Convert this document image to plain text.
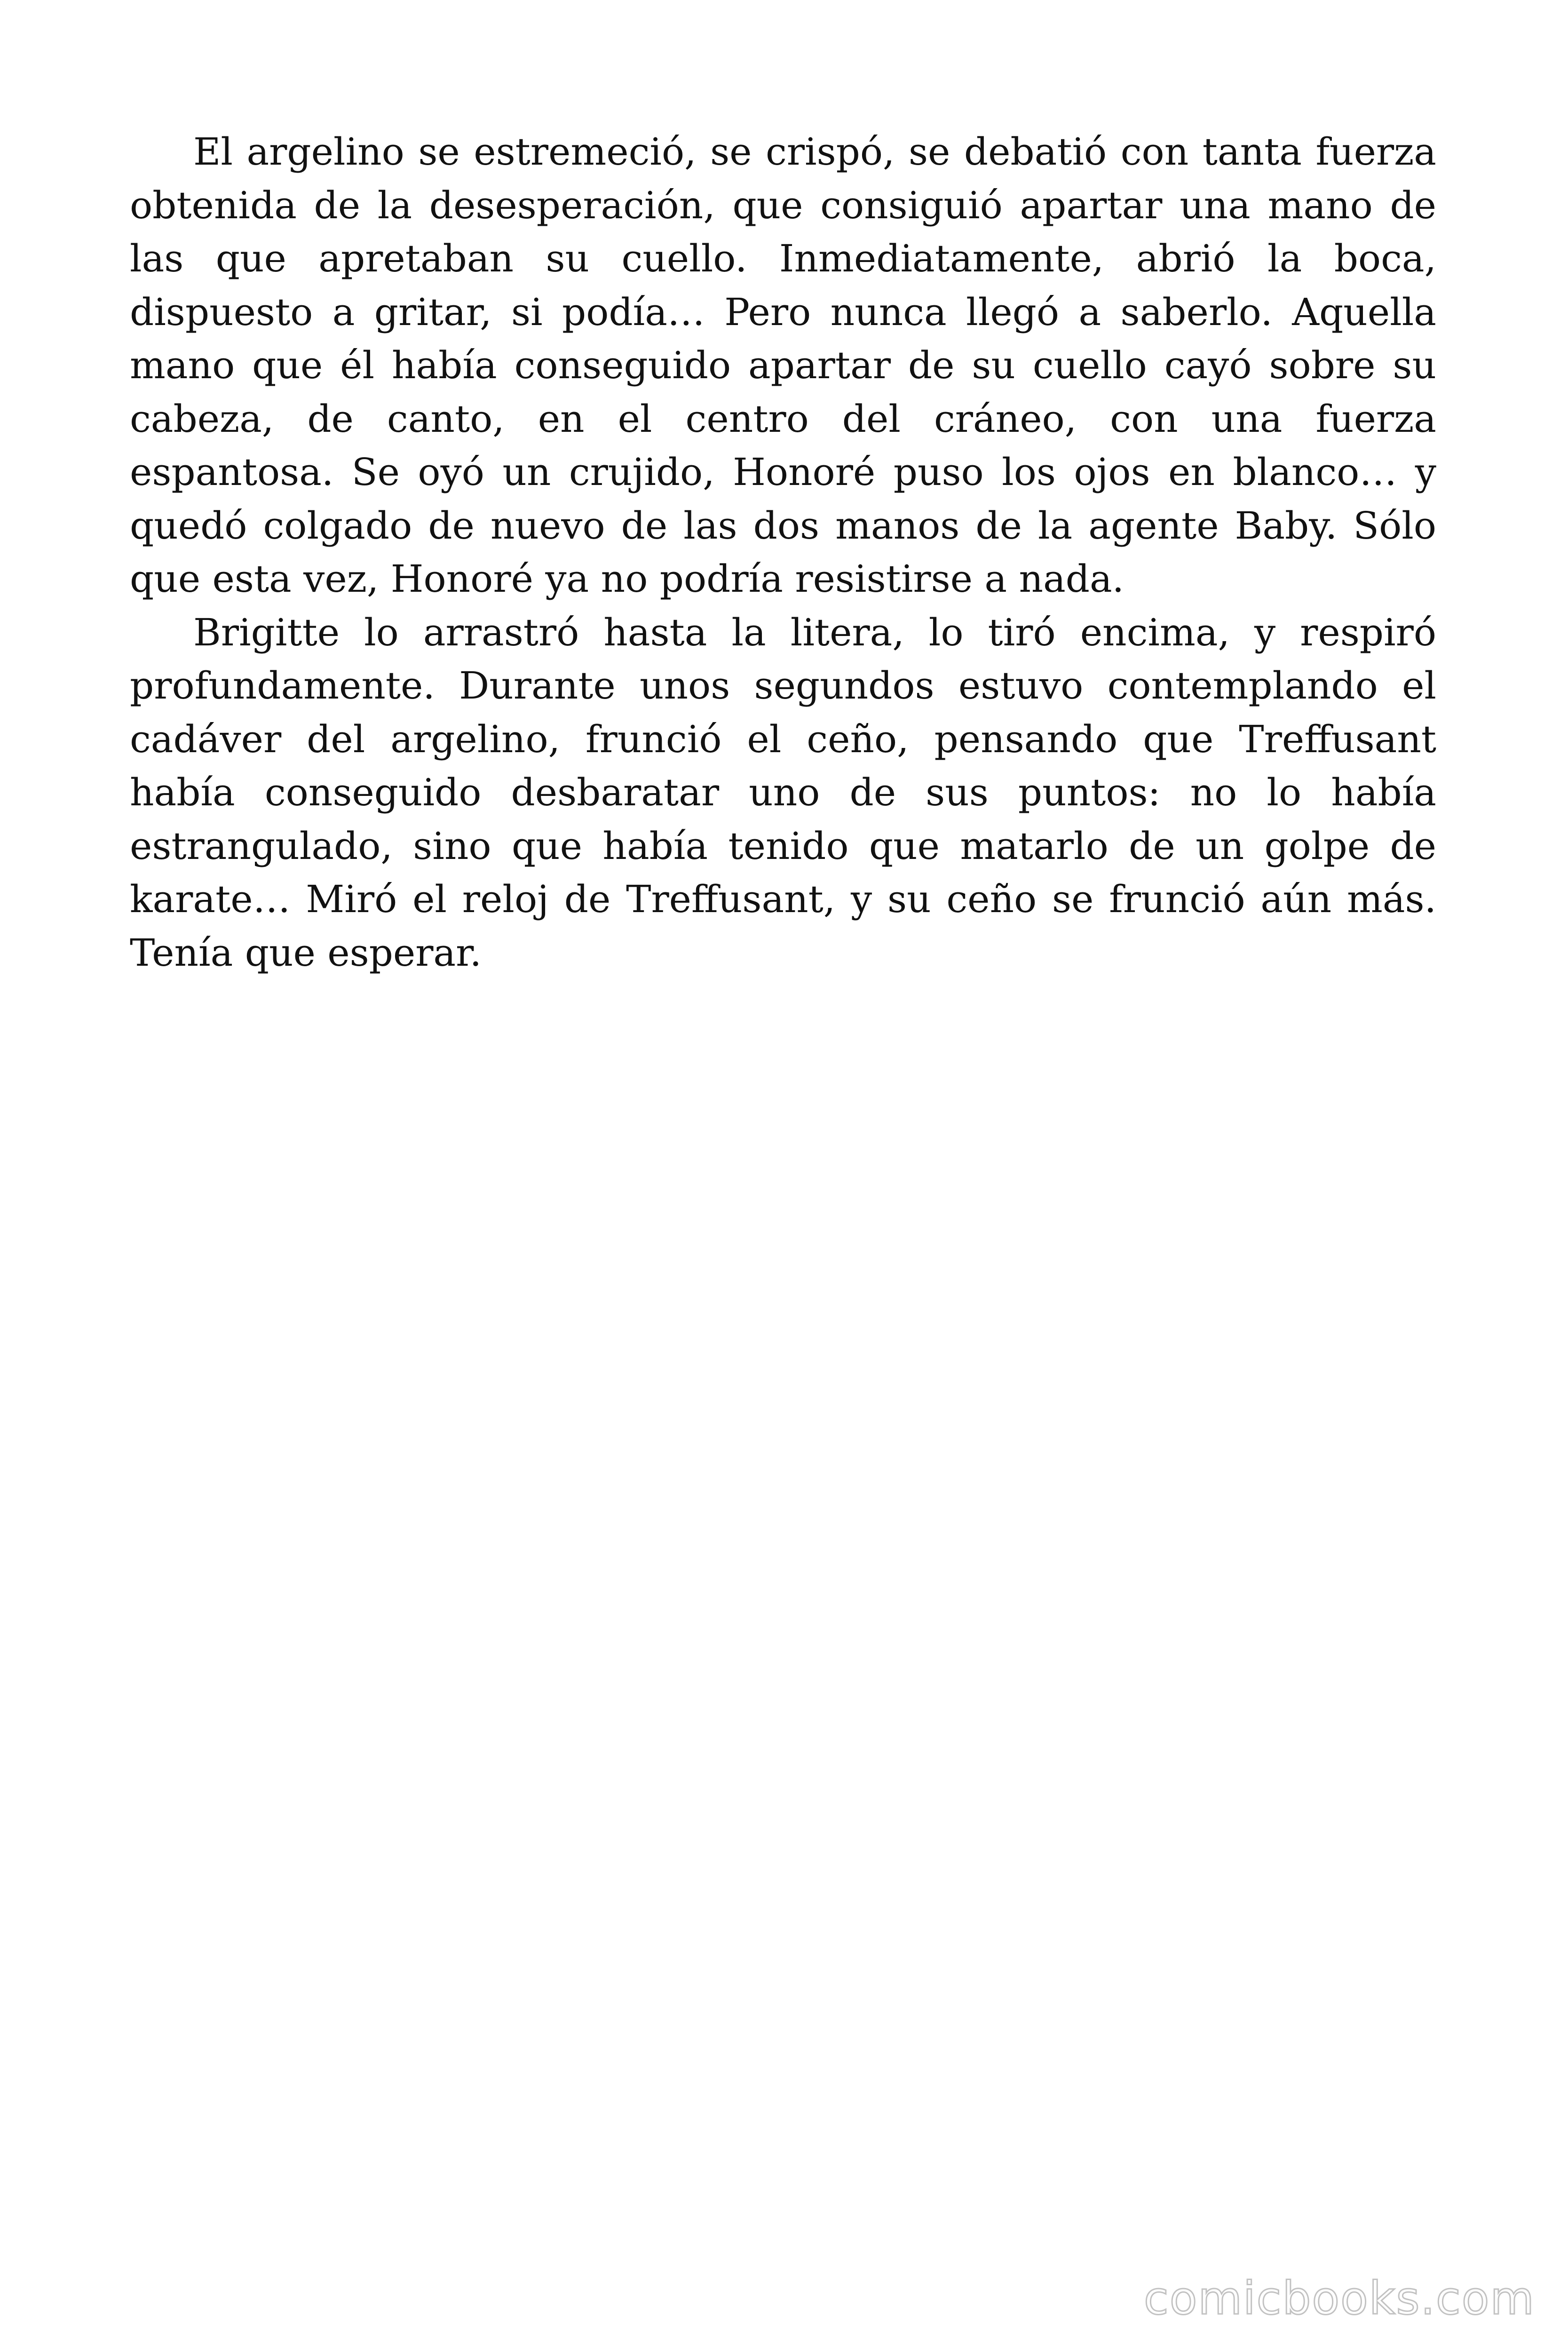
El argelino se estremeció, se crispó, se debatió con tanta fuerza obtenida de la desesperación, que consiguió apartar una mano de las que apretaban su cuello. Inmediatamente, abrió la boca, dispuesto a gritar, si podía… Pero nunca llegó a saberlo. Aquella mano que él había conseguido apartar de su cuello cayó sobre su cabeza, de canto, en el centro del cráneo, con una fuerza espantosa. Se oyó un crujido, Honoré puso los ojos en blanco… y quedó colgado de nuevo de las dos manos de la agente Baby. Sólo que esta vez, Honoré ya no podría resistirse a nada.

Brigitte lo arrastró hasta la litera, lo tiró encima, y respiró profundamente. Durante unos segundos estuvo contemplando el cadáver del argelino, frunció el ceño, pensando que Treffusant había conseguido desbaratar uno de sus puntos: no lo había estrangulado, sino que había tenido que matarlo de un golpe de karate… Miró el reloj de Treffusant, y su ceño se frunció aún más. Tenía que esperar.

comicbooks.com
